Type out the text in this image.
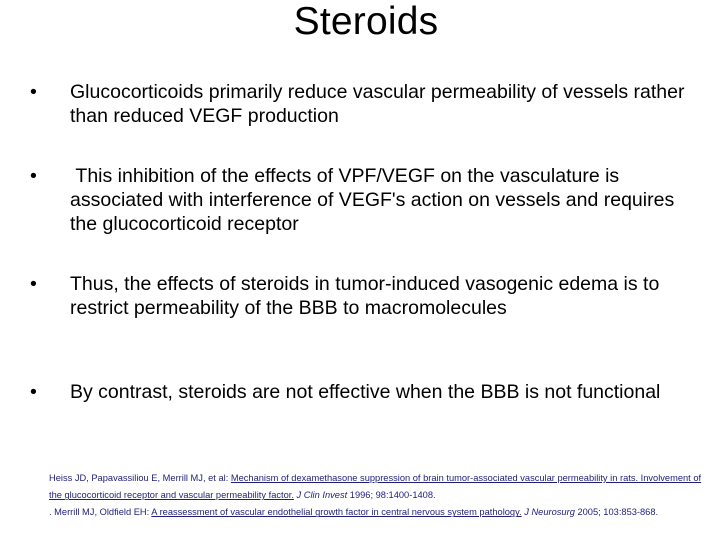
Steroids
•	Glucocorticoids primarily reduce vascular permeability of vessels rather than reduced VEGF production
•	This inhibition of the effects of VPF/VEGF on the vasculature is associated with interference of VEGF's action on vessels and requires the glucocorticoid receptor
•	Thus, the effects of steroids in tumor-induced vasogenic edema is to restrict permeability of the BBB to macromolecules
•	By contrast, steroids are not effective when the BBB is not functional
Heiss JD, Papavassiliou E, Merrill MJ, et al: Mechanism of dexamethasone suppression of brain tumor-associated vascular permeability in rats. Involvement of the glucocorticoid receptor and vascular permeability factor. J Clin Invest 1996; 98:1400-1408.
. Merrill MJ, Oldfield EH: A reassessment of vascular endothelial growth factor in central nervous system pathology. J Neurosurg 2005; 103:853-868.
